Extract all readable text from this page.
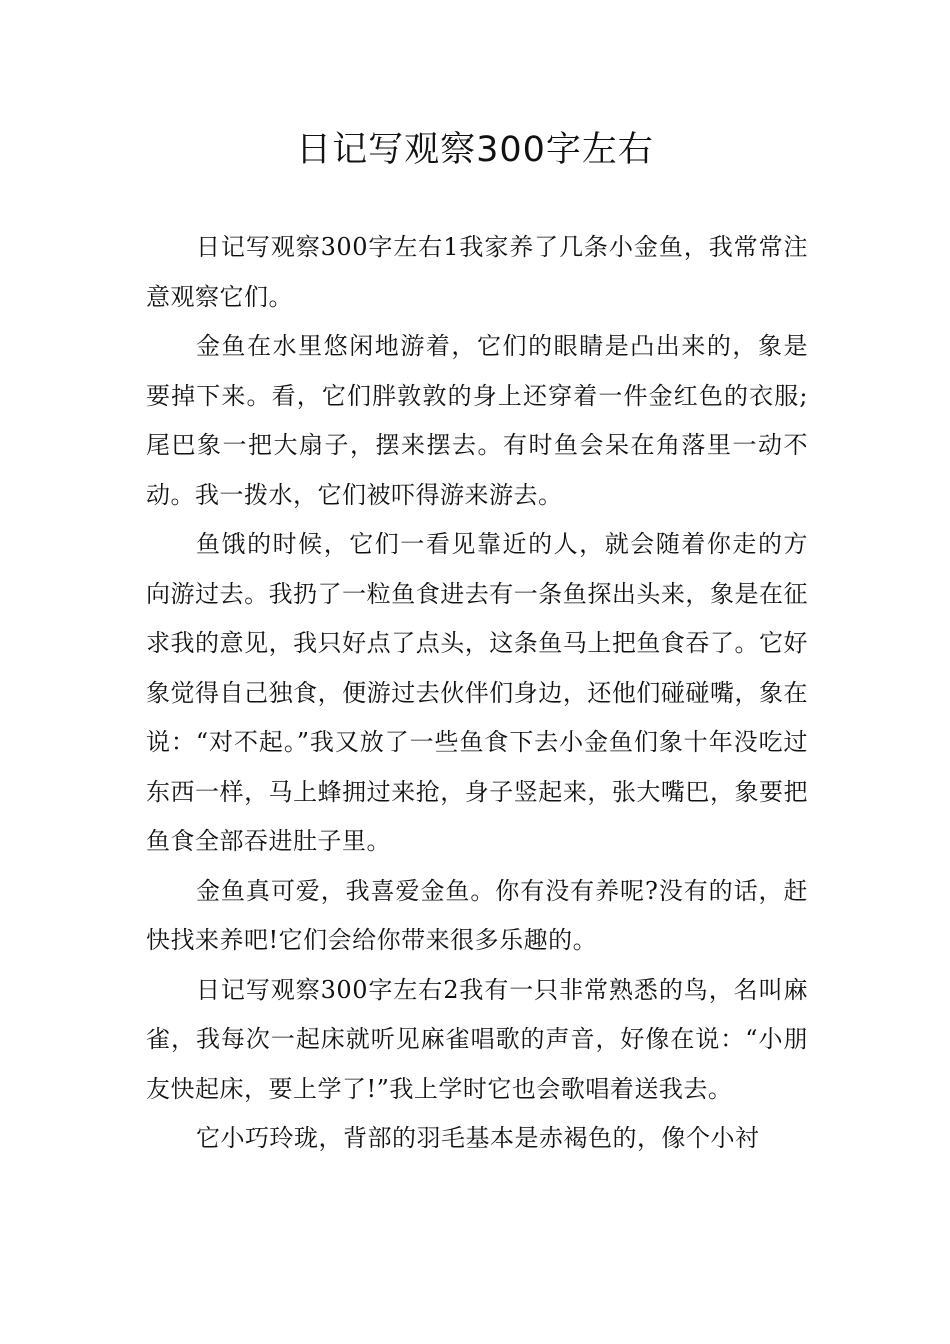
日记写观察300字左右

日记写观察300字左右1我家养了几条小金鱼，我常常注意观察它们。

金鱼在水里悠闲地游着，它们的眼睛是凸出来的，象是要掉下来。看，它们胖敦敦的身上还穿着一件金红色的衣服;尾巴象一把大扇子，摆来摆去。有时鱼会呆在角落里一动不动。我一拨水，它们被吓得游来游去。

鱼饿的时候，它们一看见靠近的人，就会随着你走的方向游过去。我扔了一粒鱼食进去有一条鱼探出头来，象是在征求我的意见，我只好点了点头，这条鱼马上把鱼食吞了。它好象觉得自己独食，便游过去伙伴们身边，还他们碰碰嘴，象在说：“对不起。”我又放了一些鱼食下去小金鱼们象十年没吃过东西一样，马上蜂拥过来抢，身子竖起来，张大嘴巴，象要把鱼食全部吞进肚子里。

金鱼真可爱，我喜爱金鱼。你有没有养呢?没有的话，赶快找来养吧!它们会给你带来很多乐趣的。

日记写观察300字左右2我有一只非常熟悉的鸟，名叫麻雀，我每次一起床就听见麻雀唱歌的声音，好像在说：“小朋友快起床，要上学了!”我上学时它也会歌唱着送我去。

它小巧玲珑，背部的羽毛基本是赤褐色的，像个小衬
